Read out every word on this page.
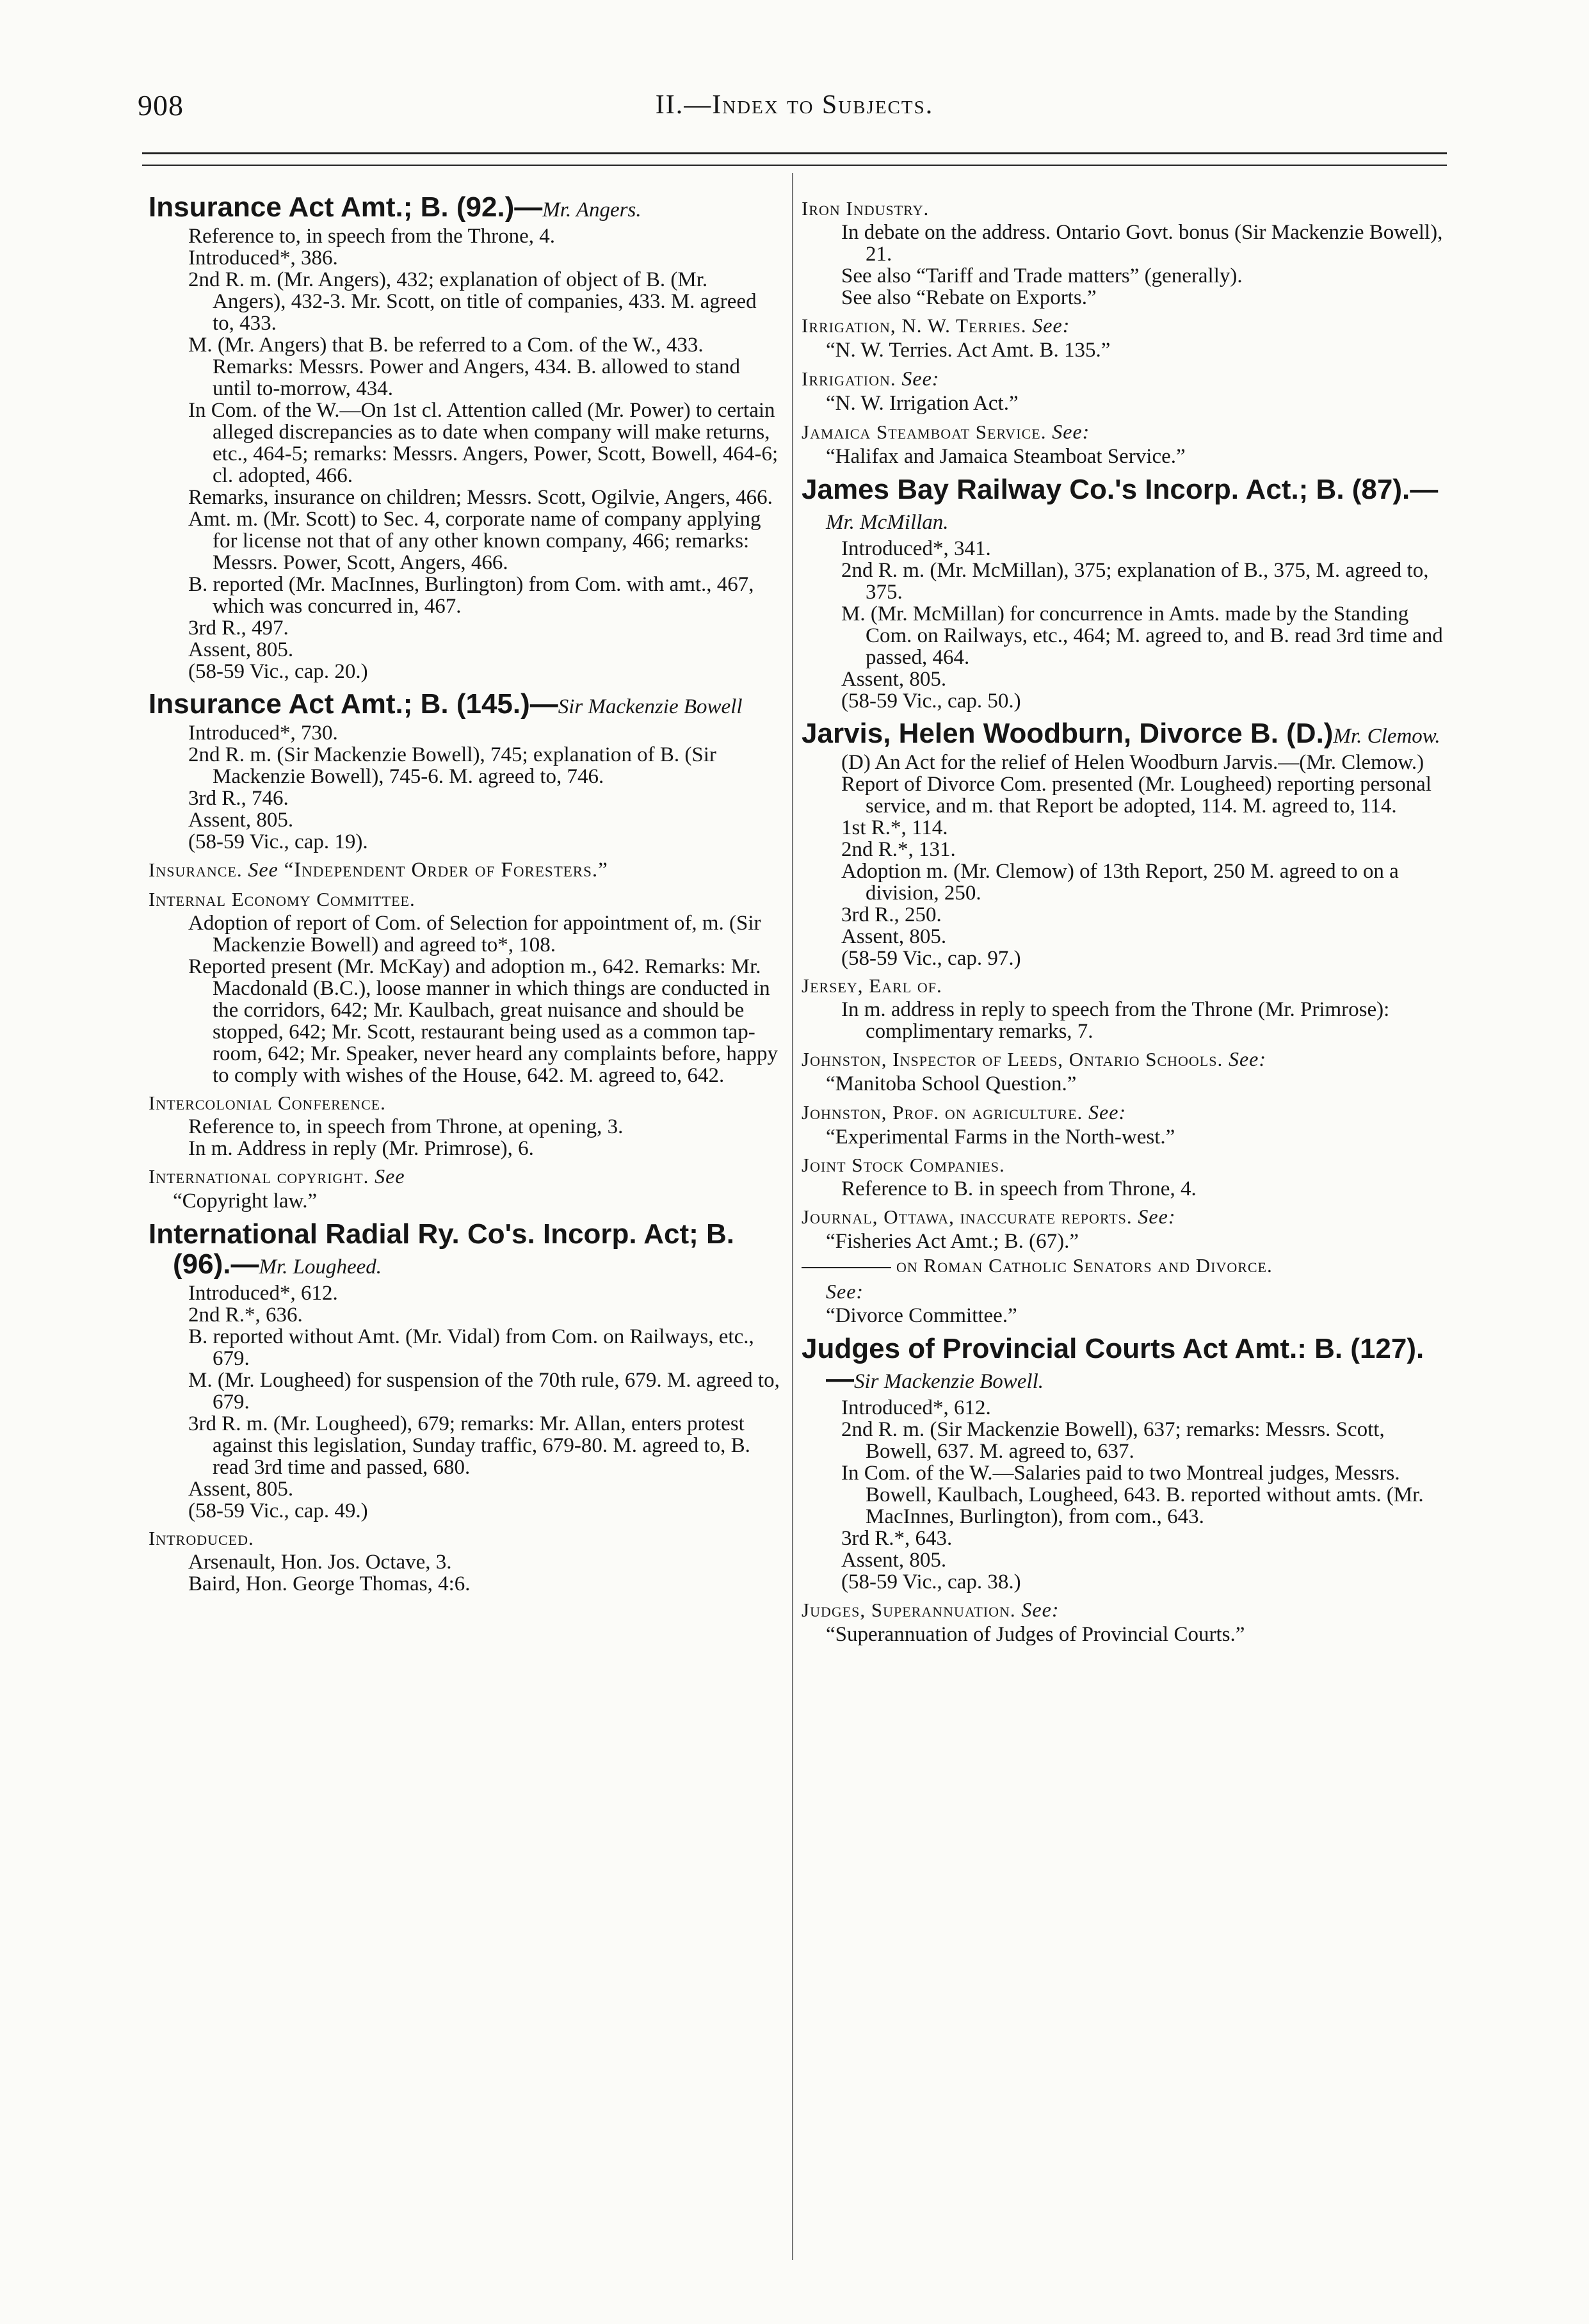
908	II.—Index to Subjects.
Insurance Act Amt.; B. (92.)—Mr. Angers.
Reference to, in speech from the Throne, 4.
Introduced*, 386.
2nd R. m. (Mr. Angers), 432; explanation of object of B. (Mr. Angers), 432-3. Mr. Scott, on title of companies, 433. M. agreed to, 433.
M. (Mr. Angers) that B. be referred to a Com. of the W., 433. Remarks: Messrs. Power and Angers, 434. B. allowed to stand until to-morrow, 434.
In Com. of the W.—On 1st cl. Attention called (Mr. Power) to certain alleged discrepancies as to date when company will make returns, etc., 464-5; remarks: Messrs. Angers, Power, Scott, Bowell, 464-6; cl. adopted, 466.
Remarks, insurance on children; Messrs. Scott, Ogilvie, Angers, 466.
Amt. m. (Mr. Scott) to Sec. 4, corporate name of company applying for license not that of any other known company, 466; remarks: Messrs. Power, Scott, Angers, 466.
B. reported (Mr. MacInnes, Burlington) from Com. with amt., 467, which was concurred in, 467.
3rd R., 497.
Assent, 805.
(58-59 Vic., cap. 20.)
Insurance Act Amt.; B. (145.)—Sir Mackenzie Bowell
Introduced*, 730.
2nd R. m. (Sir Mackenzie Bowell), 745; explanation of B. (Sir Mackenzie Bowell), 745-6. M. agreed to, 746.
3rd R., 746.
Assent, 805.
(58-59 Vic., cap. 19).
Insurance. See “Independent Order of Foresters.”
Internal Economy Committee.
Adoption of report of Com. of Selection for appointment of, m. (Sir Mackenzie Bowell) and agreed to*, 108.
Reported present (Mr. McKay) and adoption m., 642. Remarks: Mr. Macdonald (B.C.), loose manner in which things are conducted in the corridors, 642; Mr. Kaulbach, great nuisance and should be stopped, 642; Mr. Scott, restaurant being used as a common tap-room, 642; Mr. Speaker, never heard any complaints before, happy to comply with wishes of the House, 642. M. agreed to, 642.
Intercolonial Conference.
Reference to, in speech from Throne, at opening, 3.
In m. Address in reply (Mr. Primrose), 6.
International copyright. See
“Copyright law.”
International Radial Ry. Co's. Incorp. Act; B. (96).—Mr. Lougheed.
Introduced*, 612.
2nd R.*, 636.
B. reported without Amt. (Mr. Vidal) from Com. on Railways, etc., 679.
M. (Mr. Lougheed) for suspension of the 70th rule, 679. M. agreed to, 679.
3rd R. m. (Mr. Lougheed), 679; remarks: Mr. Allan, enters protest against this legislation, Sunday traffic, 679-80. M. agreed to, B. read 3rd time and passed, 680.
Assent, 805.
(58-59 Vic., cap. 49.)
Introduced.
Arsenault, Hon. Jos. Octave, 3.
Baird, Hon. George Thomas, 4:6.
Iron Industry.
In debate on the address. Ontario Govt. bonus (Sir Mackenzie Bowell), 21.
See also “Tariff and Trade matters” (generally).
See also “Rebate on Exports.”
Irrigation, N. W. Terries. See:
“N. W. Terries. Act Amt. B. 135.”
Irrigation. See:
“N. W. Irrigation Act.”
Jamaica Steamboat Service. See:
“Halifax and Jamaica Steamboat Service.”
James Bay Railway Co.'s Incorp. Act.; B. (87).—Mr. McMillan.
Introduced*, 341.
2nd R. m. (Mr. McMillan), 375; explanation of B., 375, M. agreed to, 375.
M. (Mr. McMillan) for concurrence in Amts. made by the Standing Com. on Railways, etc., 464; M. agreed to, and B. read 3rd time and passed, 464.
Assent, 805.
(58-59 Vic., cap. 50.)
Jarvis, Helen Woodburn, Divorce B. (D.)Mr. Clemow.
(D) An Act for the relief of Helen Woodburn Jarvis.—(Mr. Clemow.)
Report of Divorce Com. presented (Mr. Lougheed) reporting personal service, and m. that Report be adopted, 114. M. agreed to, 114.
1st R.*, 114.
2nd R.*, 131.
Adoption m. (Mr. Clemow) of 13th Report, 250 M. agreed to on a division, 250.
3rd R., 250.
Assent, 805.
(58-59 Vic., cap. 97.)
Jersey, Earl of.
In m. address in reply to speech from the Throne (Mr. Primrose): complimentary remarks, 7.
Johnston, Inspector of Leeds, Ontario Schools. See:
“Manitoba School Question.”
Johnston, Prof. on agriculture. See:
“Experimental Farms in the North-west.”
Joint Stock Companies.
Reference to B. in speech from Throne, 4.
Journal, Ottawa, inaccurate reports. See:
“Fisheries Act Amt.; B. (67).”
on Roman Catholic Senators and Divorce.
See:
“Divorce Committee.”
Judges of Provincial Courts Act Amt.: B. (127).—Sir Mackenzie Bowell.
Introduced*, 612.
2nd R. m. (Sir Mackenzie Bowell), 637; remarks: Messrs. Scott, Bowell, 637. M. agreed to, 637.
In Com. of the W.—Salaries paid to two Montreal judges, Messrs. Bowell, Kaulbach, Lougheed, 643. B. reported without amts. (Mr. MacInnes, Burlington), from com., 643.
3rd R.*, 643.
Assent, 805.
(58-59 Vic., cap. 38.)
Judges, Superannuation. See:
“Superannuation of Judges of Provincial Courts.”
